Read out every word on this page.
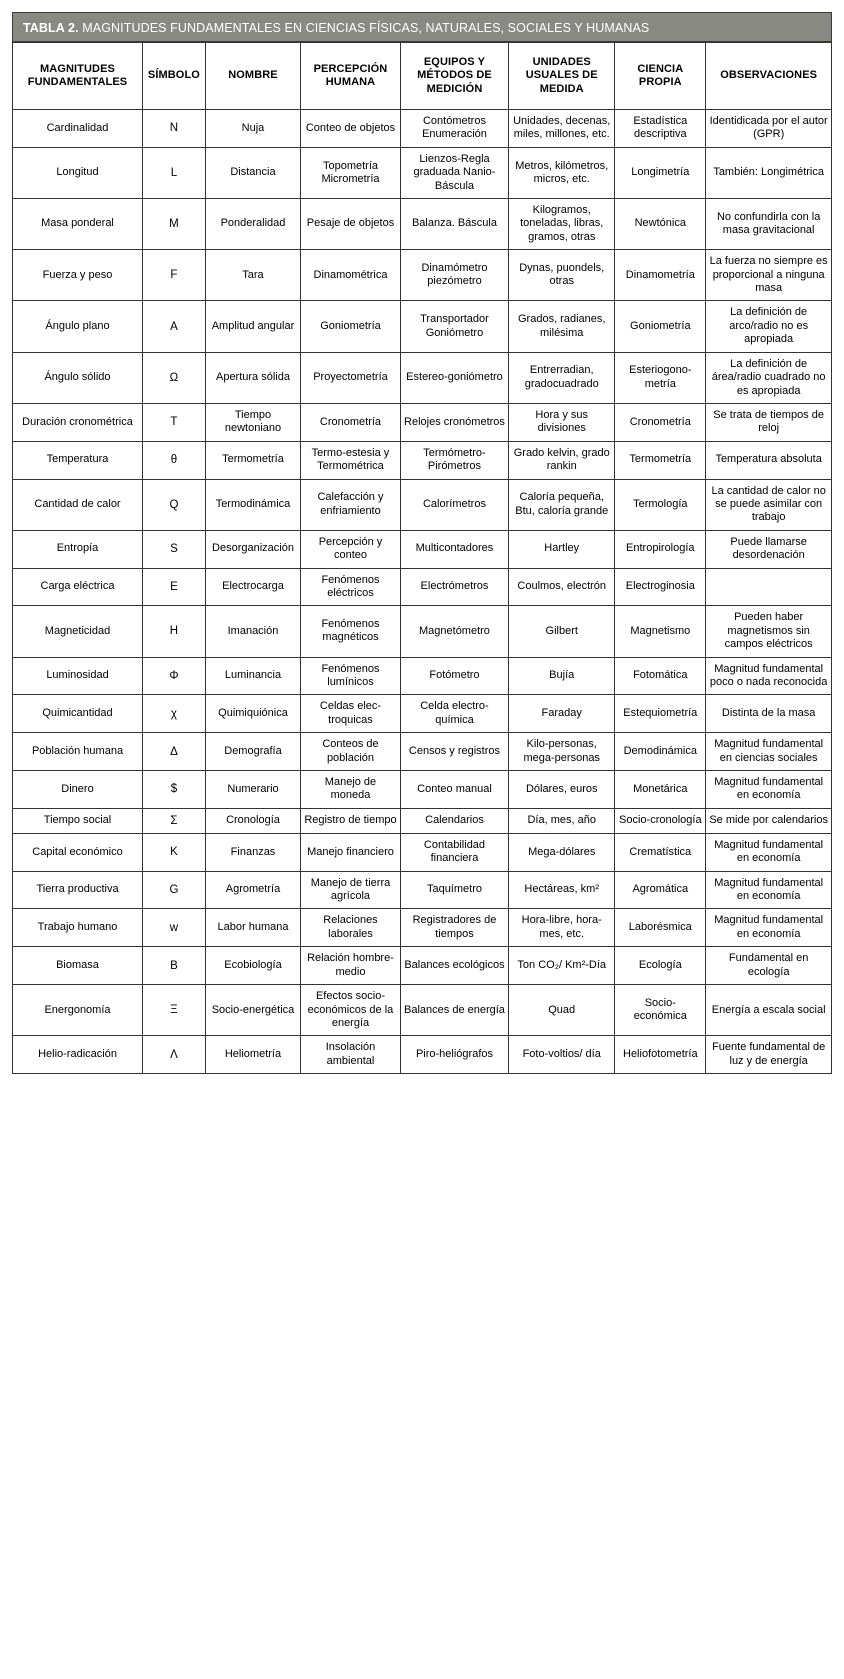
TABLA 2. MAGNITUDES FUNDAMENTALES EN CIENCIAS FÍSICAS, NATURALES, SOCIALES Y HUMANAS
MAGNITUDES FUNDAMENTALES	SÍMBOLO	NOMBRE	PERCEPCIÓN HUMANA	EQUIPOS Y MÉTODOS DE MEDICIÓN	UNIDADES USUALES DE MEDIDA	CIENCIA PROPIA	OBSERVACIONES
Cardinalidad	N	Nuja	Conteo de objetos	Contómetros Enumeración	Unidades, decenas, miles, millones, etc.	Estadística descriptiva	Identidicada por el autor (GPR)
Longitud	L	Distancia	Topometría Micrometría	Lienzos-Regla graduada Nanio-Báscula	Metros, kilómetros, micros, etc.	Longimetría	También: Longimétrica
Masa ponderal	M	Ponderalidad	Pesaje de objetos	Balanza. Báscula	Kilogramos, toneladas, libras, gramos, otras	Newtónica	No confundirla con la masa gravitacional
Fuerza y peso	F	Tara	Dinamométrica	Dinamómetro piezómetro	Dynas, puondels, otras	Dinamometría	La fuerza no siempre es proporcional a ninguna masa
Ángulo plano	A	Amplitud angular	Goniometría	Transportador Goniómetro	Grados, radianes, milésima	Goniometría	La definición de arco/radio no es apropiada
Ángulo sólido	Ω	Apertura sólida	Proyectometría	Estereo-goniómetro	Entrerradian, gradocuadrado	Esteriogono-metría	La definición de área/radio cuadrado no es apropiada
Duración cronométrica	T	Tiempo newtoniano	Cronometría	Relojes cronómetros	Hora y sus divisiones	Cronometría	Se trata de tiempos de reloj
Temperatura	θ	Termometría	Termo-estesia y Termométrica	Termómetro-Pirómetros	Grado kelvin, grado rankin	Termometría	Temperatura absoluta
Cantidad de calor	Q	Termodinámica	Calefacción y enfriamiento	Calorímetros	Caloría pequeña, Btu, caloría grande	Termología	La cantidad de calor no se puede asimilar con trabajo
Entropía	S	Desorganización	Percepción y conteo	Multicontadores	Hartley	Entropirología	Puede llamarse desordenación
Carga eléctrica	E	Electrocarga	Fenómenos eléctricos	Electrómetros	Coulmos, electrón	Electroginosia	
Magneticidad	H	Imanación	Fenómenos magnéticos	Magnetómetro	Gilbert	Magnetismo	Pueden haber magnetismos sin campos eléctricos
Luminosidad	Φ	Luminancia	Fenómenos lumínicos	Fotómetro	Bujía	Fotomática	Magnitud fundamental poco o nada reconocida
Quimicantidad	χ	Quimiquiónica	Celdas elec-troquicas	Celda electro-química	Faraday	Estequiometría	Distinta de la masa
Población humana	Δ	Demografía	Conteos de población	Censos y registros	Kilo-personas, mega-personas	Demodinámica	Magnitud fundamental en ciencias sociales
Dinero	$	Numerario	Manejo de moneda	Conteo manual	Dólares, euros	Monetárica	Magnitud fundamental en economía
Tiempo social	Σ	Cronología	Registro de tiempo	Calendarios	Día, mes, año	Socio-cronología	Se mide por calendarios
Capital económico	K	Finanzas	Manejo financiero	Contabilidad financiera	Mega-dólares	Crematística	Magnitud fundamental en economía
Tierra productiva	G	Agrometría	Manejo de tierra agrícola	Taquímetro	Hectáreas, km²	Agromática	Magnitud fundamental en economía
Trabajo humano	w	Labor humana	Relaciones laborales	Registradores de tiempos	Hora-libre, hora- mes, etc.	Laborésmica	Magnitud fundamental en economía
Biomasa	B	Ecobiología	Relación hombre-medio	Balances ecológicos	Ton CO₂/ Km²-Día	Ecología	Fundamental en ecología
Energonomía	Ξ	Socio-energética	Efectos socio-económicos de la energía	Balances de energía	Quad	Socio-económica	Energía a escala social
Helio-radicación	Λ	Heliometría	Insolación ambiental	Piro-heliógrafos	Foto-voltios/ día	Heliofotometría	Fuente fundamental de luz y de energía
